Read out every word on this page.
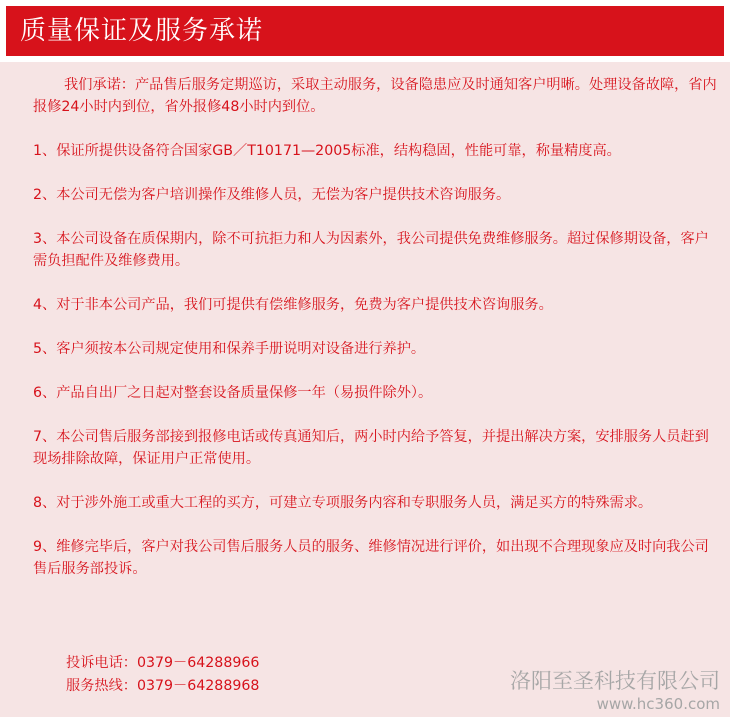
质量保证及服务承诺

我们承诺：产品售后服务定期巡访，采取主动服务，设备隐患应及时通知客户明晰。处理设备故障，省内报修24小时内到位，省外报修48小时内到位。

1、保证所提供设备符合国家GB／T10171—2005标准，结构稳固，性能可靠，称量精度高。

2、本公司无偿为客户培训操作及维修人员，无偿为客户提供技术咨询服务。

3、本公司设备在质保期内，除不可抗拒力和人为因素外，我公司提供免费维修服务。超过保修期设备，客户需负担配件及维修费用。

4、对于非本公司产品，我们可提供有偿维修服务，免费为客户提供技术咨询服务。

5、客户须按本公司规定使用和保养手册说明对设备进行养护。

6、产品自出厂之日起对整套设备质量保修一年（易损件除外）。

7、本公司售后服务部接到报修电话或传真通知后，两小时内给予答复，并提出解决方案，安排服务人员赶到现场排除故障，保证用户正常使用。

8、对于涉外施工或重大工程的买方，可建立专项服务内容和专职服务人员，满足买方的特殊需求。

9、维修完毕后，客户对我公司售后服务人员的服务、维修情况进行评价，如出现不合理现象应及时向我公司售后服务部投诉。

投诉电话：0379－64288966
服务热线：0379－64288968	洛阳至圣科技有限公司
www.hc360.com
